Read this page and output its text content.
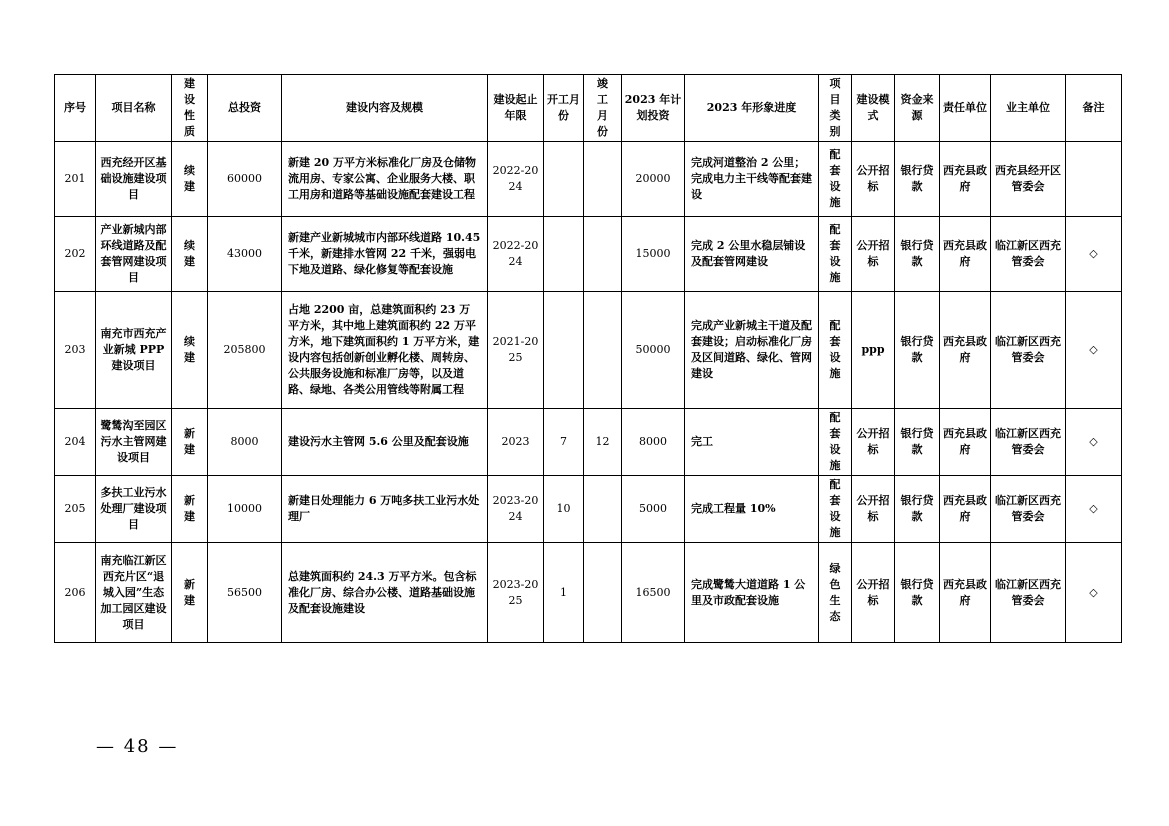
序号	项目名称	建设性质	总投资	建设内容及规模	建设起止年限	开工月份	竣工月份	2023 年计划投资	2023 年形象进度	项目类别	建设模式	资金来源	责任单位	业主单位	备注
201	西充经开区基础设施建设项目	续建	60000	新建 20 万平方米标准化厂房及仓储物流用房、专家公寓、企业服务大楼、职工用房和道路等基础设施配套建设工程	2022-2024			20000	完成河道整治 2 公里；完成电力主干线等配套建设	配套设施	公开招标	银行贷款	西充县政府	西充县经开区管委会	
202	产业新城内部环线道路及配套管网建设项目	续建	43000	新建产业新城城市内部环线道路 10.45 千米，新建排水管网 22 千米，强弱电下地及道路、绿化修复等配套设施	2022-2024			15000	完成 2 公里水稳层铺设及配套管网建设	配套设施	公开招标	银行贷款	西充县政府	临江新区西充管委会	◇
203	南充市西充产业新城 PPP 建设项目	续建	205800	占地 2200 亩，总建筑面积约 23 万平方米，其中地上建筑面积约 22 万平方米，地下建筑面积约 1 万平方米，建设内容包括创新创业孵化楼、周转房、公共服务设施和标准厂房等，以及道路、绿地、各类公用管线等附属工程	2021-2025			50000	完成产业新城主干道及配套建设；启动标准化厂房及区间道路、绿化、管网建设	配套设施	ppp	银行贷款	西充县政府	临江新区西充管委会	◇
204	鹭鸶沟至园区污水主管网建设项目	新建	8000	建设污水主管网 5.6 公里及配套设施	2023	7	12	8000	完工	配套设施	公开招标	银行贷款	西充县政府	临江新区西充管委会	◇
205	多扶工业污水处理厂建设项目	新建	10000	新建日处理能力 6 万吨多扶工业污水处理厂	2023-2024	10		5000	完成工程量 10%	配套设施	公开招标	银行贷款	西充县政府	临江新区西充管委会	◇
206	南充临江新区西充片区“退城入园”生态加工园区建设项目	新建	56500	总建筑面积约 24.3 万平方米。包含标准化厂房、综合办公楼、道路基础设施及配套设施建设	2023-2025	1		16500	完成鹭鸶大道道路 1 公里及市政配套设施	绿色生态	公开招标	银行贷款	西充县政府	临江新区西充管委会	◇
— 48 —
